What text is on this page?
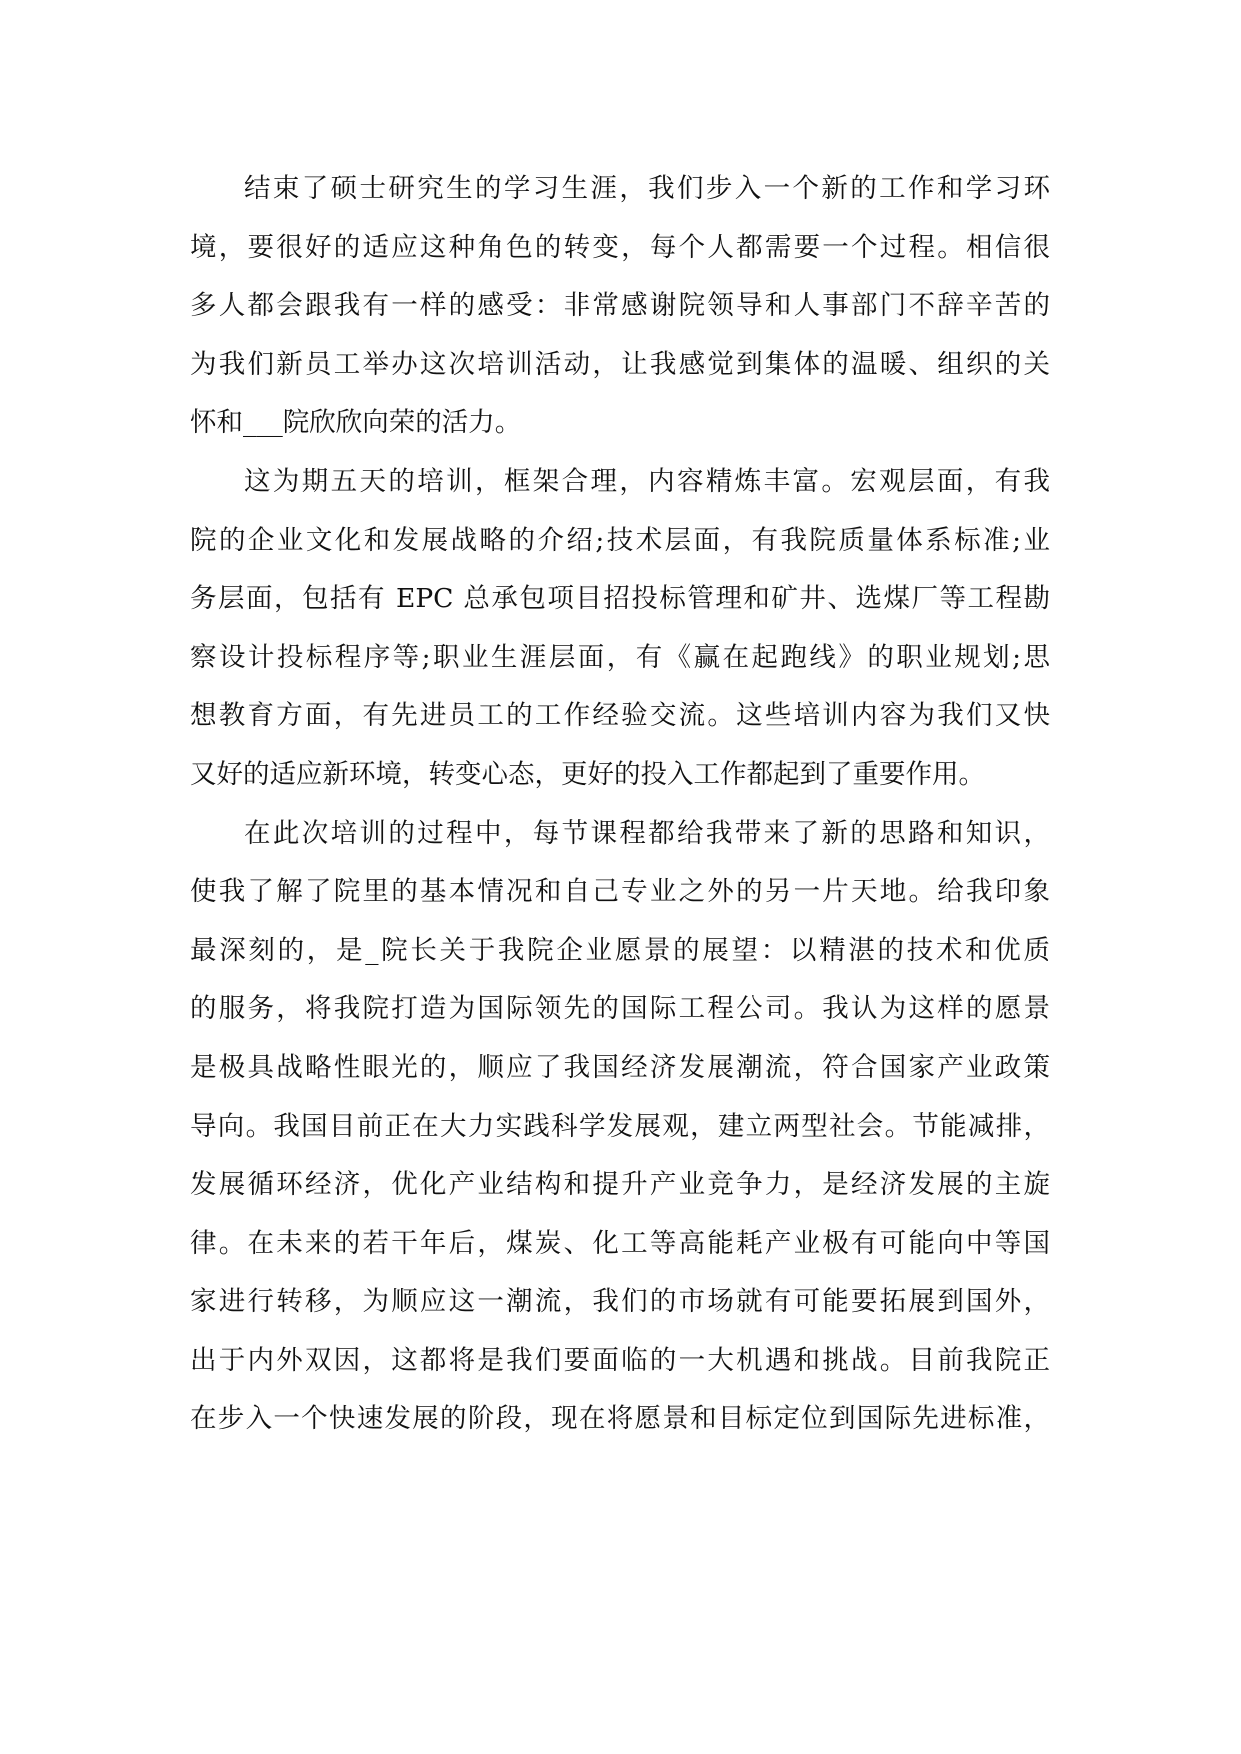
结束了硕士研究生的学习生涯，我们步入一个新的工作和学习环
境，要很好的适应这种角色的转变，每个人都需要一个过程。相信很
多人都会跟我有一样的感受：非常感谢院领导和人事部门不辞辛苦的
为我们新员工举办这次培训活动，让我感觉到集体的温暖、组织的关
怀和___院欣欣向荣的活力。
这为期五天的培训，框架合理，内容精炼丰富。宏观层面，有我
院的企业文化和发展战略的介绍;技术层面，有我院质量体系标准;业
务层面，包括有 EPC 总承包项目招投标管理和矿井、选煤厂等工程勘
察设计投标程序等;职业生涯层面，有《赢在起跑线》的职业规划;思
想教育方面，有先进员工的工作经验交流。这些培训内容为我们又快
又好的适应新环境，转变心态，更好的投入工作都起到了重要作用。
在此次培训的过程中，每节课程都给我带来了新的思路和知识，
使我了解了院里的基本情况和自己专业之外的另一片天地。给我印象
最深刻的，是_院长关于我院企业愿景的展望：以精湛的技术和优质
的服务，将我院打造为国际领先的国际工程公司。我认为这样的愿景
是极具战略性眼光的，顺应了我国经济发展潮流，符合国家产业政策
导向。我国目前正在大力实践科学发展观，建立两型社会。节能减排，
发展循环经济，优化产业结构和提升产业竞争力，是经济发展的主旋
律。在未来的若干年后，煤炭、化工等高能耗产业极有可能向中等国
家进行转移，为顺应这一潮流，我们的市场就有可能要拓展到国外，
出于内外双因，这都将是我们要面临的一大机遇和挑战。目前我院正
在步入一个快速发展的阶段，现在将愿景和目标定位到国际先进标准，
